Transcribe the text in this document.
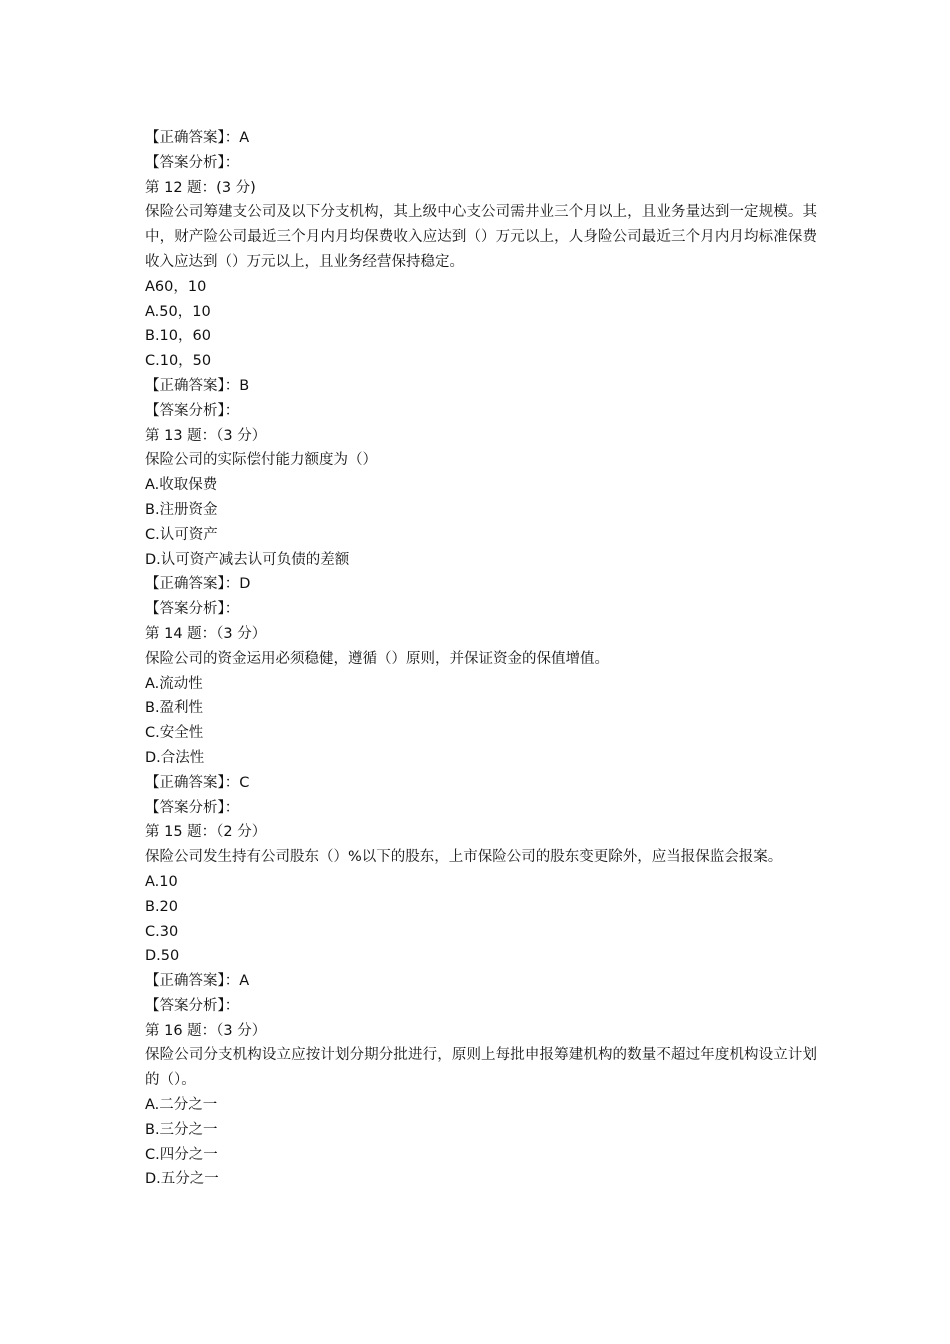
【正确答案】：A
【答案分析】：
第 12 题：(3 分)
保险公司筹建支公司及以下分支机构，其上级中心支公司需井业三个月以上，且业务量达到一定规模。其中，财产险公司最近三个月内月均保费收入应达到（）万元以上，人身险公司最近三个月内月均标准保费收入应达到（）万元以上，且业务经营保持稳定。
A60，10
A.50，10
B.10，60
C.10，50
【正确答案】：B
【答案分析】：
第 13 题：（3 分）
保险公司的实际偿付能力额度为（）
A.收取保费
B.注册资金
C.认可资产
D.认可资产减去认可负债的差额
【正确答案】：D
【答案分析】：
第 14 题：（3 分）
保险公司的资金运用必须稳健，遵循（）原则，并保证资金的保值增值。
A.流动性
B.盈利性
C.安全性
D.合法性
【正确答案】：C
【答案分析】：
第 15 题：（2 分）
保险公司发生持有公司股东（）%以下的股东，上市保险公司的股东变更除外，应当报保监会报案。
A.10
B.20
C.30
D.50
【正确答案】：A
【答案分析】：
第 16 题：（3 分）
保险公司分支机构设立应按计划分期分批进行，原则上每批申报筹建机构的数量不超过年度机构设立计划的（）。
A.二分之一
B.三分之一
C.四分之一
D.五分之一
